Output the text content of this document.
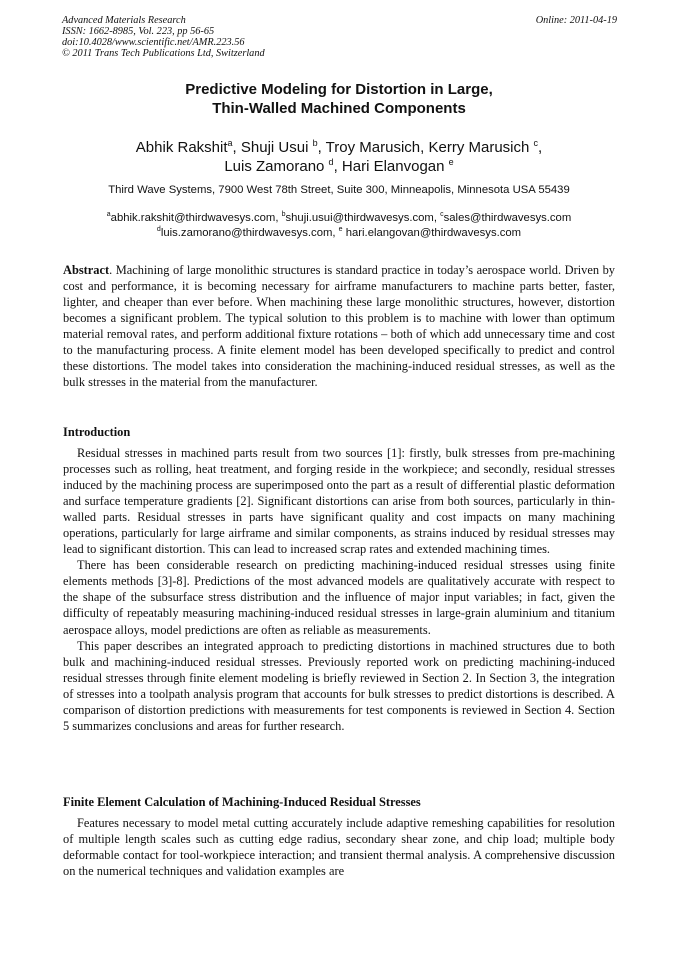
Advanced Materials Research
ISSN: 1662-8985, Vol. 223, pp 56-65
doi:10.4028/www.scientific.net/AMR.223.56
© 2011 Trans Tech Publications Ltd, Switzerland
Online: 2011-04-19
Predictive Modeling for Distortion in Large,
Thin-Walled Machined Components
Abhik Rakshit$^a$, Shuji Usui $^b$, Troy Marusich, Kerry Marusich $^c$,
Luis Zamorano $^d$, Hari Elanvogan $^e$
Third Wave Systems, 7900 West 78th Street, Suite 300, Minneapolis, Minnesota USA 55439
$^a$abhik.rakshit@thirdwavesys.com, $^b$shuji.usui@thirdwavesys.com, $^c$sales@thirdwavesys.com
$^d$luis.zamorano@thirdwavesys.com, $^e$ hari.elangovan@thirdwavesys.com

Abstract. Machining of large monolithic structures is standard practice in today’s aerospace world. Driven by cost and performance, it is becoming necessary for airframe manufacturers to machine parts better, faster, lighter, and cheaper than ever before. When machining these large monolithic structures, however, distortion becomes a significant problem. The typical solution to this problem is to machine with lower than optimum material removal rates, and perform additional fixture rotations – both of which add unnecessary time and cost to the manufacturing process. A finite element model has been developed specifically to predict and control these distortions. The model takes into consideration the machining-induced residual stresses, as well as the bulk stresses in the material from the manufacturer.

Introduction

Residual stresses in machined parts result from two sources [1]: firstly, bulk stresses from pre-machining processes such as rolling, heat treatment, and forging reside in the workpiece; and secondly, residual stresses induced by the machining process are superimposed onto the part as a result of differential plastic deformation and surface temperature gradients [2]. Significant distortions can arise from both sources, particularly in thin-walled parts. Residual stresses in parts have significant quality and cost impacts on many machining operations, particularly for large airframe and similar components, as strains induced by residual stresses may lead to significant distortion. This can lead to increased scrap rates and extended machining times.

There has been considerable research on predicting machining-induced residual stresses using finite elements methods [3]-8]. Predictions of the most advanced models are qualitatively accurate with respect to the shape of the subsurface stress distribution and the influence of major input variables; in fact, given the difficulty of repeatably measuring machining-induced residual stresses in large-grain aluminium and titanium aerospace alloys, model predictions are often as reliable as measurements.

This paper describes an integrated approach to predicting distortions in machined structures due to both bulk and machining-induced residual stresses. Previously reported work on predicting machining-induced residual stresses through finite element modeling is briefly reviewed in Section 2. In Section 3, the integration of stresses into a toolpath analysis program that accounts for bulk stresses to predict distortions is described. A comparison of distortion predictions with measurements for test components is reviewed in Section 4. Section 5 summarizes conclusions and areas for further research.

Finite Element Calculation of Machining-Induced Residual Stresses

Features necessary to model metal cutting accurately include adaptive remeshing capabilities for resolution of multiple length scales such as cutting edge radius, secondary shear zone, and chip load; multiple body deformable contact for tool-workpiece interaction; and transient thermal analysis. A comprehensive discussion on the numerical techniques and validation examples are
